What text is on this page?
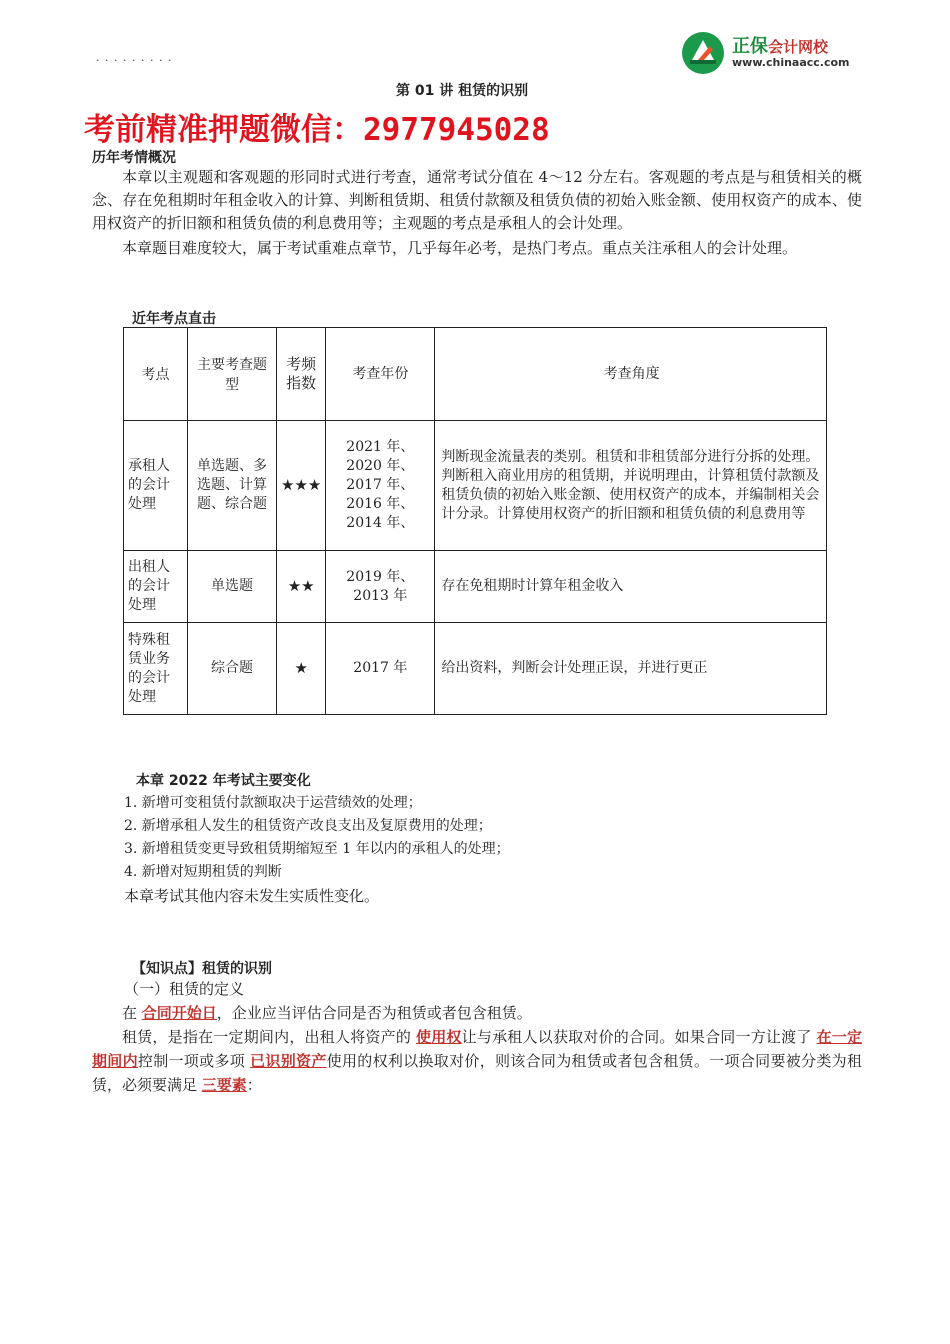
· · · · · · · · ·
正保会计网校
www.chinaacc.com
第 01 讲 租赁的识别
考前精准押题微信：2977945028
历年考情概况
本章以主观题和客观题的形同时式进行考查，通常考试分值在 4～12 分左右。客观题的考点是与租赁相关的概念、存在免租期时年租金收入的计算、判断租赁期、租赁付款额及租赁负债的初始入账金额、使用权资产的成本、使用权资产的折旧额和租赁负债的利息费用等；主观题的考点是承租人的会计处理。
本章题目难度较大，属于考试重难点章节，几乎每年必考，是热门考点。重点关注承租人的会计处理。
近年考点直击
考点	主要考查题型	考频指数	考查年份	考查角度
承租人的会计处理	单选题、多选题、计算题、综合题	★★★	2021 年、2020 年、2017 年、2016 年、2014 年、	判断现金流量表的类别。租赁和非租赁部分进行分拆的处理。判断租入商业用房的租赁期，并说明理由，计算租赁付款额及租赁负债的初始入账金额、使用权资产的成本，并编制相关会计分录。计算使用权资产的折旧额和租赁负债的利息费用等
出租人的会计处理	单选题	★★	2019 年、2013 年	存在免租期时计算年租金收入
特殊租赁业务的会计处理	综合题	★	2017 年	给出资料，判断会计处理正误，并进行更正
本章 2022 年考试主要变化
1. 新增可变租赁付款额取决于运营绩效的处理；
2. 新增承租人发生的租赁资产改良支出及复原费用的处理；
3. 新增租赁变更导致租赁期缩短至 1 年以内的承租人的处理；
4. 新增对短期租赁的判断
本章考试其他内容未发生实质性变化。
【知识点】租赁的识别
（一）租赁的定义
在 合同开始日，企业应当评估合同是否为租赁或者包含租赁。
租赁，是指在一定期间内，出租人将资产的 使用权让与承租人以获取对价的合同。如果合同一方让渡了 在一定期间内控制一项或多项 已识别资产使用的权利以换取对价，则该合同为租赁或者包含租赁。一项合同要被分类为租赁，必须要满足 三要素：
